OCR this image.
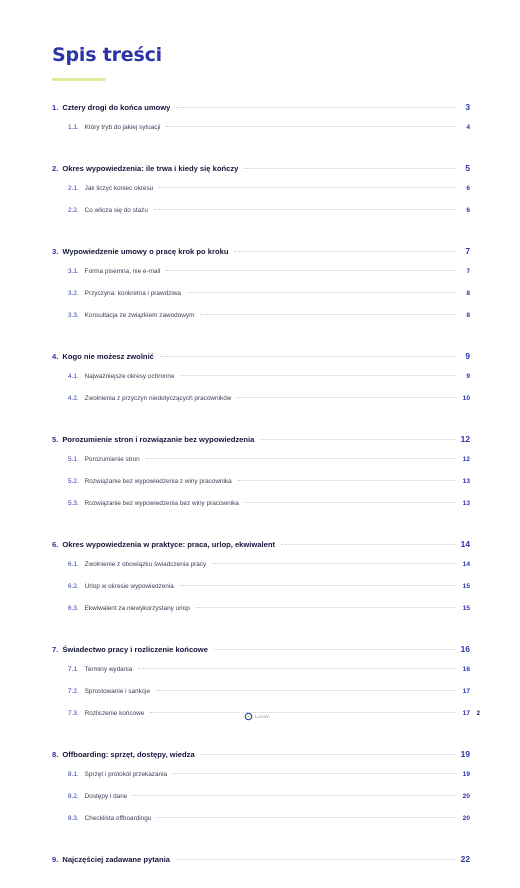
Spis treści
1. Cztery drogi do końca umowy	3
1.1. Który tryb do jakiej sytuacji	4
2. Okres wypowiedzenia: ile trwa i kiedy się kończy	5
2.1. Jak liczyć koniec okresu	6
2.2. Co wlicza się do stażu	6
3. Wypowiedzenie umowy o pracę krok po kroku	7
3.1. Forma pisemna, nie e-mail	7
3.2. Przyczyna: konkretna i prawdziwa	8
3.3. Konsultacja ze związkiem zawodowym	8
4. Kogo nie możesz zwolnić	9
4.1. Najważniejsze okresy ochronne	9
4.2. Zwolnienia z przyczyn niedotyczących pracowników	10
5. Porozumienie stron i rozwiązanie bez wypowiedzenia	12
5.1. Porozumienie stron	12
5.2. Rozwiązanie bez wypowiedzenia z winy pracownika	13
5.3. Rozwiązanie bez wypowiedzenia bez winy pracownika	13
6. Okres wypowiedzenia w praktyce: praca, urlop, ekwiwalent	14
6.1. Zwolnienie z obowiązku świadczenia pracy	14
6.2. Urlop w okresie wypowiedzenia	15
6.3. Ekwiwalent za niewykorzystany urlop	15
7. Świadectwo pracy i rozliczenie końcowe	16
7.1. Terminy wydania	16
7.2. Sprostowanie i sankcje	17
7.3. Rozliczenie końcowe	17
8. Offboarding: sprzęt, dostępy, wiedza	19
8.1. Sprzęt i protokół przekazania	19
8.2. Dostępy i dane	20
8.3. Checklista offboardingu	20
9. Najczęściej zadawane pytania	22
Lumian	2
